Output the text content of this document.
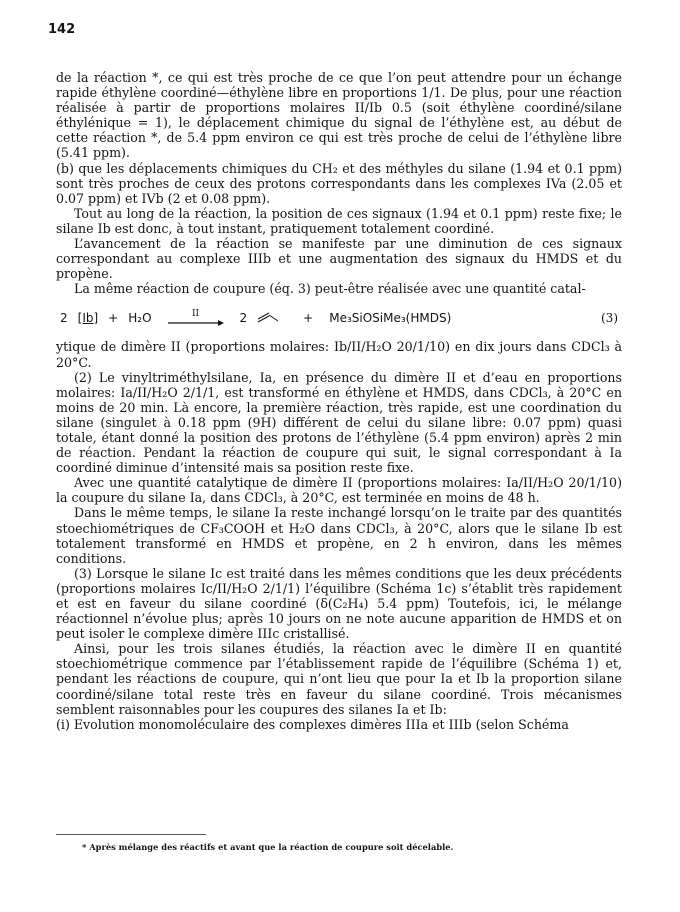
142

de la réaction *, ce qui est très proche de ce que l’on peut attendre pour un échange rapide éthylène coordiné—éthylène libre en proportions 1/1. De plus, pour une réaction réalisée à partir de proportions molaires II/Ib 0.5 (soit éthylène coordiné/silane éthylénique = 1), le déplacement chimique du signal de l’éthylène est, au début de cette réaction *, de 5.4 ppm environ ce qui est très proche de celui de l’éthylène libre (5.41 ppm).

(b) que les déplacements chimiques du CH₂ et des méthyles du silane (1.94 et 0.1 ppm) sont très proches de ceux des protons correspondants dans les complexes IVa (2.05 et 0.07 ppm) et IVb (2 et 0.08 ppm).

Tout au long de la réaction, la position de ces signaux (1.94 et 0.1 ppm) reste fixe; le silane Ib est donc, à tout instant, pratiquement totalement coordiné.

L’avancement de la réaction se manifeste par une diminution de ces signaux correspondant au complexe IIIb et une augmentation des signaux du HMDS et du propène.

La même réaction de coupure (éq. 3) peut-être réalisée avec une quantité catal-

2 [Ib] + H₂O	II	2	+ Me₃SiOSiMe₃(HMDS)	(3)

ytique de dimère II (proportions molaires: Ib/II/H₂O 20/1/10) en dix jours dans CDCl₃ à 20°C.

(2) Le vinyltriméthylsilane, Ia, en présence du dimère II et d’eau en proportions molaires: Ia/II/H₂O 2/1/1, est transformé en éthylène et HMDS, dans CDCl₃, à 20°C en moins de 20 min. Là encore, la première réaction, très rapide, est une coordination du silane (singulet à 0.18 ppm (9H) différent de celui du silane libre: 0.07 ppm) quasi totale, étant donné la position des protons de l’éthylène (5.4 ppm environ) après 2 min de réaction. Pendant la réaction de coupure qui suit, le signal correspondant à Ia coordiné diminue d’intensité mais sa position reste fixe.

Avec une quantité catalytique de dimère II (proportions molaires: Ia/II/H₂O 20/1/10) la coupure du silane Ia, dans CDCl₃, à 20°C, est terminée en moins de 48 h.

Dans le même temps, le silane Ia reste inchangé lorsqu’on le traite par des quantités stoechiométriques de CF₃COOH et H₂O dans CDCl₃, à 20°C, alors que le silane Ib est totalement transformé en HMDS et propène, en 2 h environ, dans les mêmes conditions.

(3) Lorsque le silane Ic est traité dans les mêmes conditions que les deux précédents (proportions molaires Ic/II/H₂O 2/1/1) l’équilibre (Schéma 1c) s’établit très rapidement et est en faveur du silane coordiné (δ(C₂H₄) 5.4 ppm) Toutefois, ici, le mélange réactionnel n’évolue plus; après 10 jours on ne note aucune apparition de HMDS et on peut isoler le complexe dimère IIIc cristallisé.

Ainsi, pour les trois silanes étudiés, la réaction avec le dimère II en quantité stoechiométrique commence par l’établissement rapide de l’équilibre (Schéma 1) et, pendant les réactions de coupure, qui n’ont lieu que pour Ia et Ib la proportion silane coordiné/silane total reste très en faveur du silane coordiné. Trois mécanismes semblent raisonnables pour les coupures des silanes Ia et Ib:

(i) Evolution monomoléculaire des complexes dimères IIIa et IIIb (selon Schéma

* Après mélange des réactifs et avant que la réaction de coupure soit décelable.
